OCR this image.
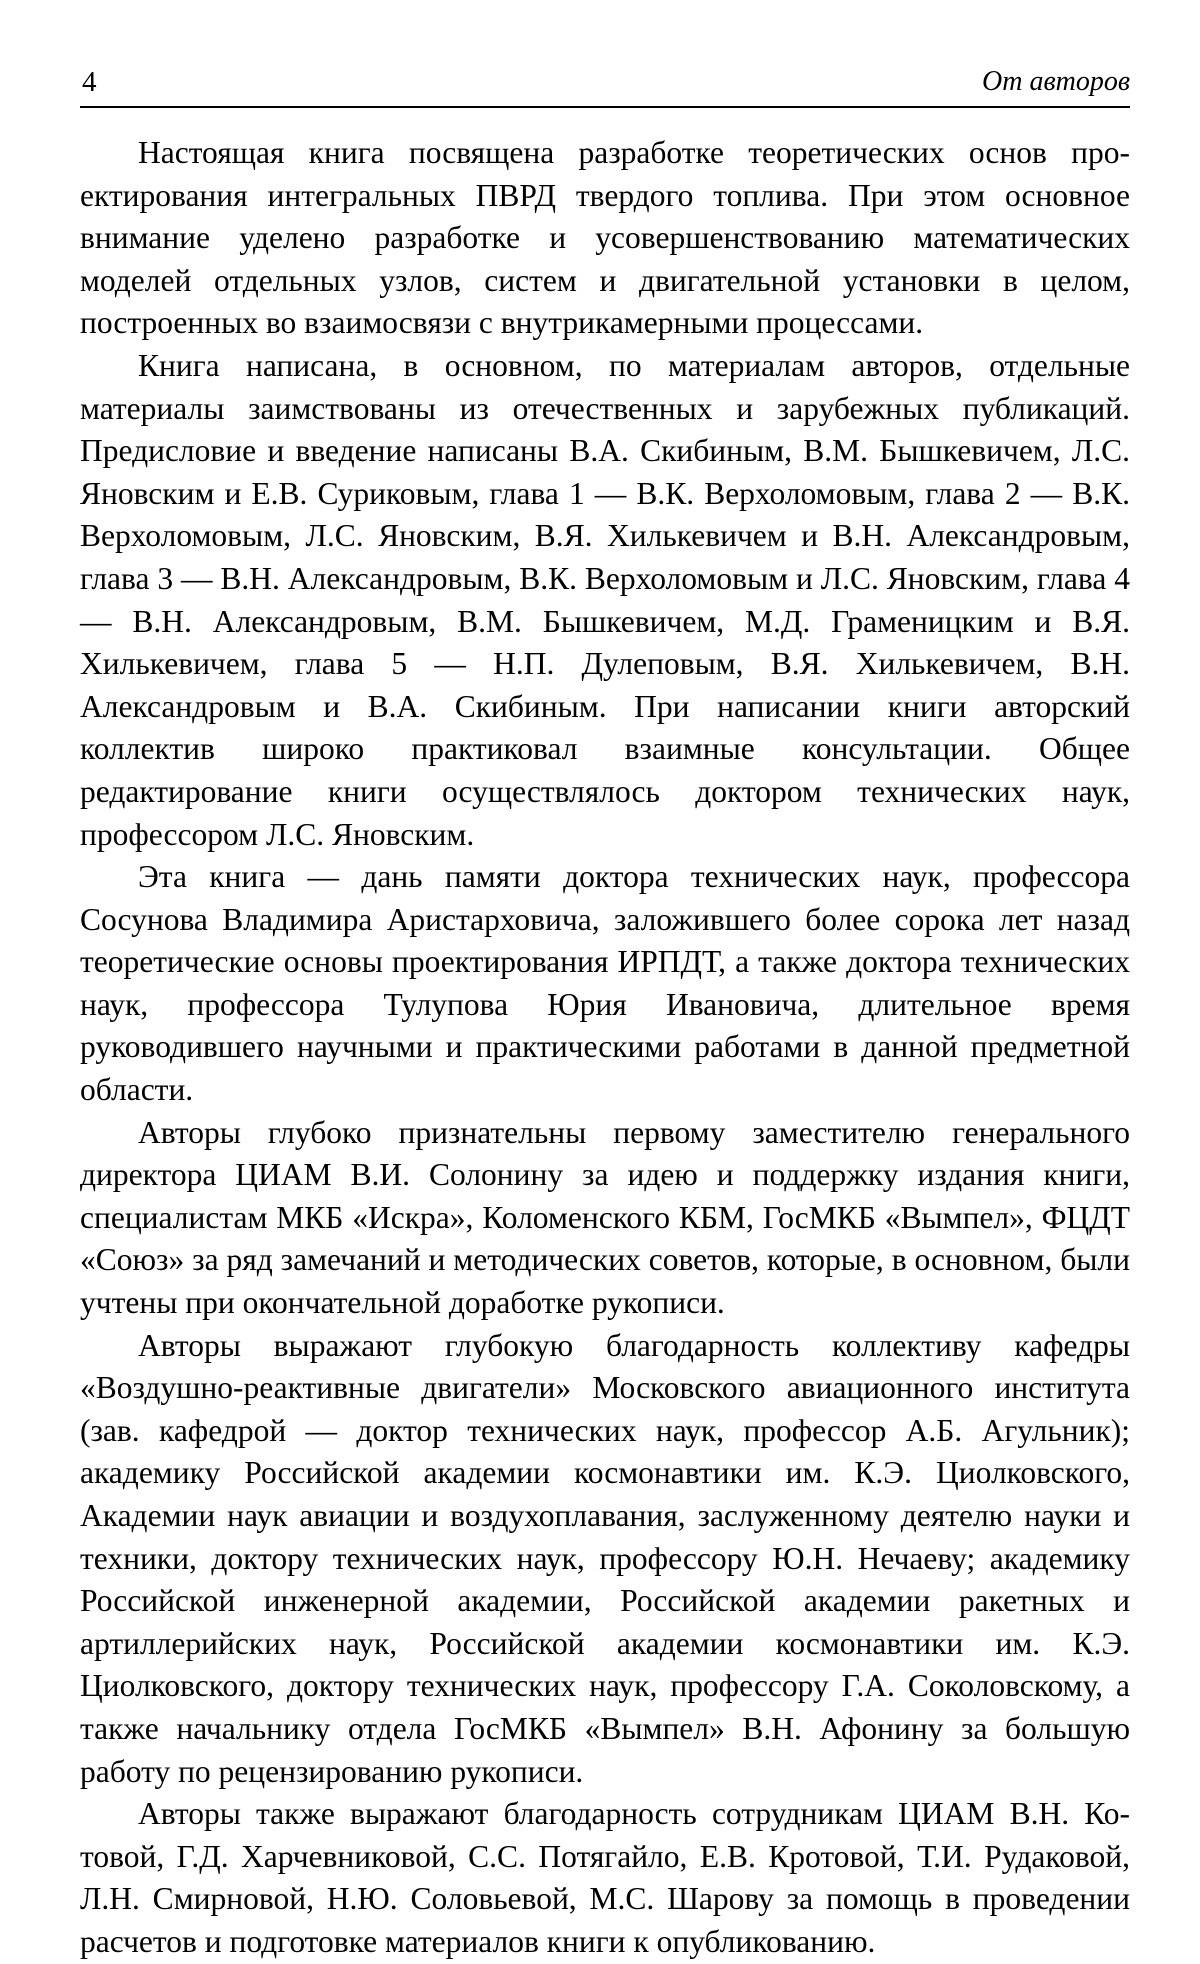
4	От авторов

Настоящая книга посвящена разработке теоретических основ проектирования интегральных ПВРД твердого топлива. При этом основное внимание уделено разработке и усовершенствованию математических моделей отдельных узлов, систем и двигательной установки в целом, построенных во взаимосвязи с внутрикамерными процессами.

Книга написана, в основном, по материалам авторов, отдельные материалы заимствованы из отечественных и зарубежных публикаций. Предисловие и введение написаны В.А. Скибиным, В.М. Бышкевичем, Л.С. Яновским и Е.В. Суриковым, глава 1 — В.К. Верхоломовым, глава 2 — В.К. Верхоломовым, Л.С. Яновским, В.Я. Хилькевичем и В.Н. Александровым, глава 3 — В.Н. Александровым, В.К. Верхоломовым и Л.С. Яновским, глава 4 — В.Н. Александровым, В.М. Бышкевичем, М.Д. Граменицким и В.Я. Хилькевичем, глава 5 — Н.П. Дулеповым, В.Я. Хилькевичем, В.Н. Александровым и В.А. Скибиным. При написании книги авторский коллектив широко практиковал взаимные консультации. Общее редактирование книги осуществлялось доктором технических наук, профессором Л.С. Яновским.

Эта книга — дань памяти доктора технических наук, профессора Сосунова Владимира Аристарховича, заложившего более сорока лет назад теоретические основы проектирования ИРПДТ, а также доктора технических наук, профессора Тулупова Юрия Ивановича, длительное время руководившего научными и практическими работами в данной предметной области.

Авторы глубоко признательны первому заместителю генерального директора ЦИАМ В.И. Солонину за идею и поддержку издания книги, специалистам МКБ «Искра», Коломенского КБМ, ГосМКБ «Вымпел», ФЦДТ «Союз» за ряд замечаний и методических советов, которые, в основном, были учтены при окончательной доработке рукописи.

Авторы выражают глубокую благодарность коллективу кафедры «Воздушно-реактивные двигатели» Московского авиационного института (зав. кафедрой — доктор технических наук, профессор А.Б. Агульник); академику Российской академии космонавтики им. К.Э. Циолковского, Академии наук авиации и воздухоплавания, заслуженному деятелю науки и техники, доктору технических наук, профессору Ю.Н. Нечаеву; академику Российской инженерной академии, Российской академии ракетных и артиллерийских наук, Российской академии космонавтики им. К.Э. Циолковского, доктору технических наук, профессору Г.А. Соколовскому, а также начальнику отдела ГосМКБ «Вымпел» В.Н. Афонину за большую работу по рецензированию рукописи.

Авторы также выражают благодарность сотрудникам ЦИАМ В.Н. Котовой, Г.Д. Харчевниковой, С.С. Потягайло, Е.В. Кротовой, Т.И. Рудаковой, Л.Н. Смирновой, Н.Ю. Соловьевой, М.С. Шарову за помощь в проведении расчетов и подготовке материалов книги к опубликованию.
